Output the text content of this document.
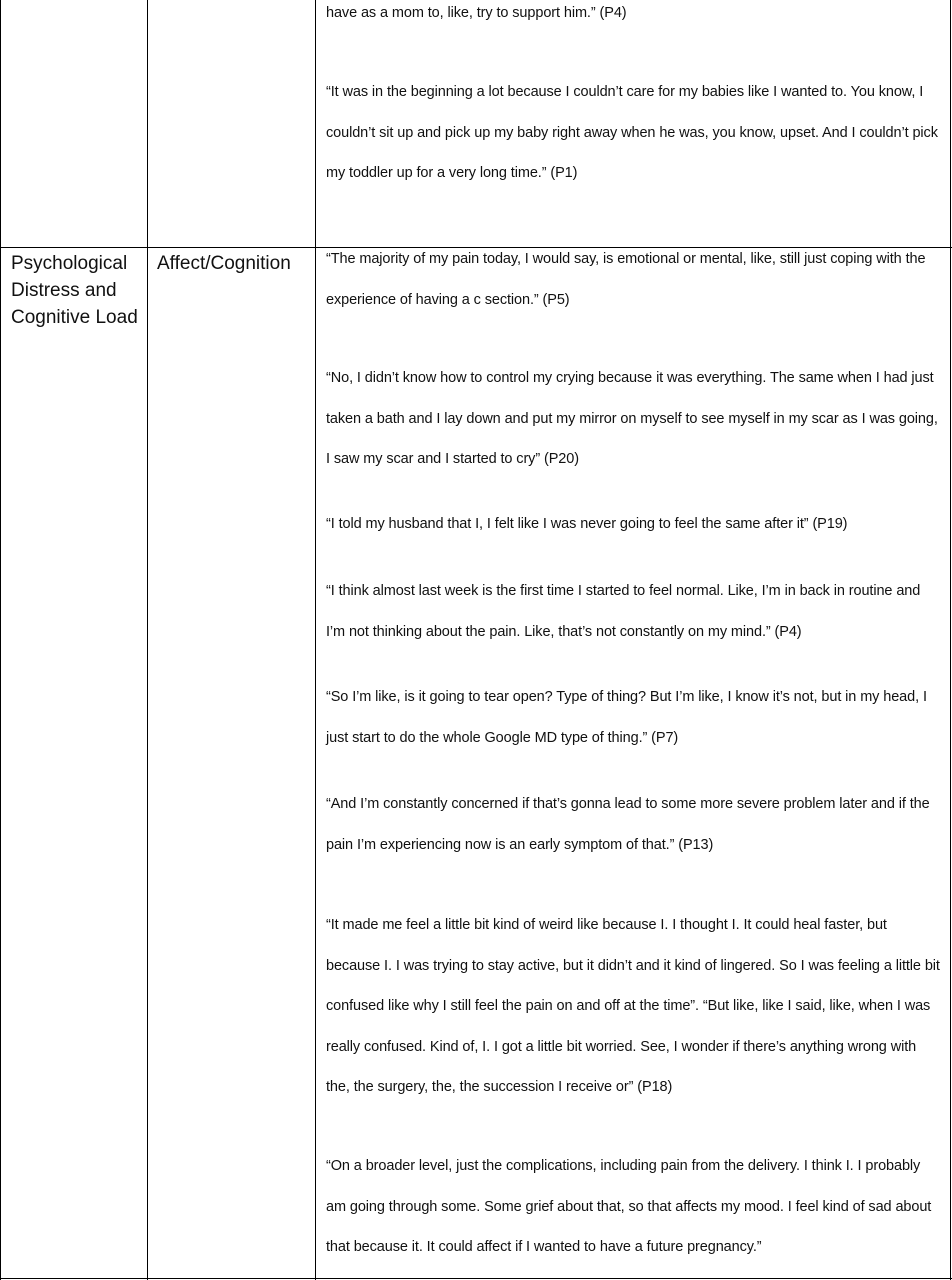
have as a mom to, like, try to support him.” (P4)

“It was in the beginning a lot because I couldn’t care for my babies like I wanted to. You know, I couldn’t sit up and pick up my baby right away when he was, you know, upset. And I couldn’t pick my toddler up for a very long time.” (P1)

Psychological Distress and Cognitive Load

Affect/Cognition	“The majority of my pain today, I would say, is emotional or mental, like, still just coping with the experience of having a c section.” (P5)

“No, I didn’t know how to control my crying because it was everything. The same when I had just taken a bath and I lay down and put my mirror on myself to see myself in my scar as I was going, I saw my scar and I started to cry” (P20)

“I told my husband that I, I felt like I was never going to feel the same after it” (P19)

“I think almost last week is the first time I started to feel normal. Like, I’m in back in routine and I’m not thinking about the pain. Like, that’s not constantly on my mind.” (P4)

“So I’m like, is it going to tear open? Type of thing? But I’m like, I know it’s not, but in my head, I just start to do the whole Google MD type of thing.” (P7)

“And I’m constantly concerned if that’s gonna lead to some more severe problem later and if the pain I’m experiencing now is an early symptom of that.” (P13)

“It made me feel a little bit kind of weird like because I. I thought I. It could heal faster, but because I. I was trying to stay active, but it didn’t and it kind of lingered. So I was feeling a little bit confused like why I still feel the pain on and off at the time”. “But like, like I said, like, when I was really confused. Kind of, I. I got a little bit worried. See, I wonder if there’s anything wrong with the, the surgery, the, the succession I receive or” (P18)

“On a broader level, just the complications, including pain from the delivery. I think I. I probably am going through some. Some grief about that, so that affects my mood. I feel kind of sad about that because it. It could affect if I wanted to have a future pregnancy.”
